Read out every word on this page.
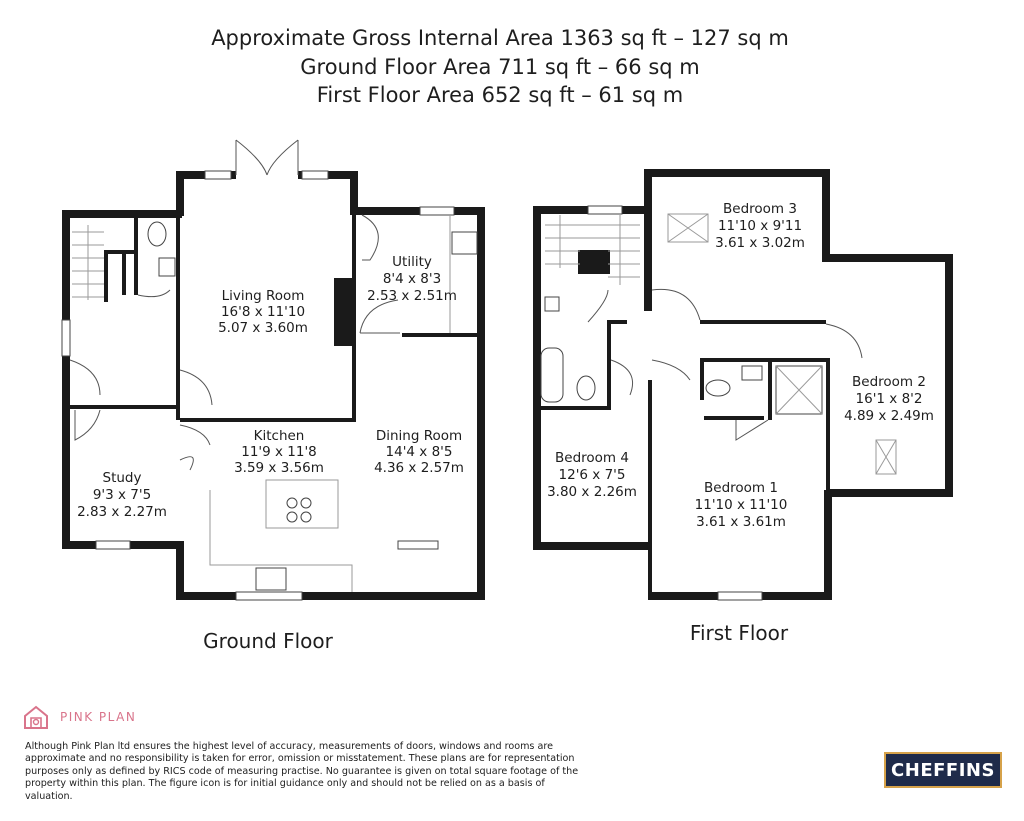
Approximate Gross Internal Area 1363 sq ft – 127 sq m
Ground Floor Area 711 sq ft – 66 sq m
First Floor Area 652 sq ft – 61 sq m
Living Room
16'8 x 11'10
5.07 x 3.60m
Utility
8'4 x 8'3
2.53 x 2.51m
Kitchen
11'9 x 11'8
3.59 x 3.56m
Dining Room
14'4 x 8'5
4.36 x 2.57m
Study
9'3 x 7'5
2.83 x 2.27m
Ground Floor
Bedroom 3
11'10 x 9'11
3.61 x 3.02m
Bedroom 2
16'1 x 8'2
4.89 x 2.49m
Bedroom 4
12'6 x 7'5
3.80 x 2.26m	Bedroom 1
11'10 x 11'10
3.61 x 3.61m
First Floor
PINK PLAN
Although Pink Plan ltd ensures the highest level of accuracy, measurements of doors, windows and rooms are approximate and no responsibility is taken for error, omission or misstatement. These plans are for representation purposes only as defined by RICS code of measuring practise. No guarantee is given on total square footage of the property within this plan. The figure icon is for initial guidance only and should not be relied on as a basis of valuation.
CHEFFINS
